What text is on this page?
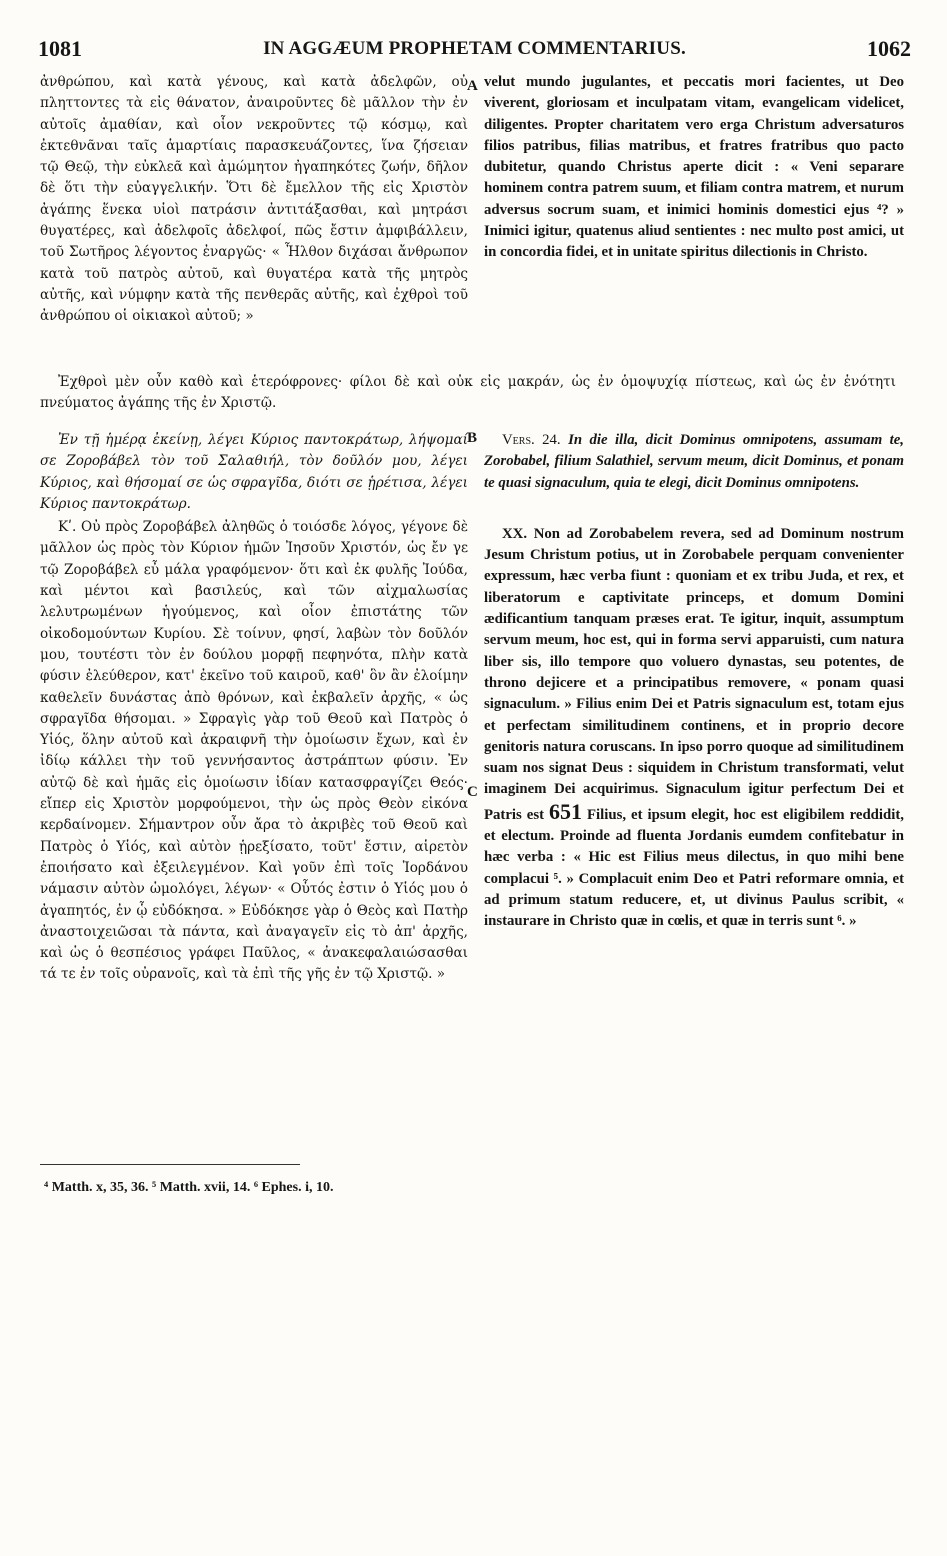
1081	IN AGGÆUM PROPHETAM COMMENTARIUS.	1062
A
B
C

ἀνθρώπου, καὶ κατὰ γένους, καὶ κατὰ ἀδελφῶν, οὐ πληττοντες τὰ εἰς θάνατον, ἀναιροῦντες δὲ μᾶλλον τὴν ἐν αὐτοῖς ἀμαθίαν, καὶ οἷον νεκροῦντες τῷ κόσμῳ, καὶ ἐκτεθνᾶναι ταῖς ἁμαρτίαις παρασκευάζοντες, ἵνα ζήσειαν τῷ Θεῷ, τὴν εὐκλεᾶ καὶ ἀμώμητον ἠγαπηκότες ζωήν, δῆλον δὲ ὅτι τὴν εὐαγγελικήν. Ὅτι δὲ ἔμελλον τῆς εἰς Χριστὸν ἀγάπης ἕνεκα υἱοὶ πατράσιν ἀντιτάξασθαι, καὶ μητράσι θυγατέρες, καὶ ἀδελφοῖς ἀδελφοί, πῶς ἔστιν ἀμφιβάλλειν, τοῦ Σωτῆρος λέγοντος ἐναργῶς· « Ἦλθον διχάσαι ἄνθρωπον κατὰ τοῦ πατρὸς αὐτοῦ, καὶ θυγατέρα κατὰ τῆς μητρὸς αὐτῆς, καὶ νύμφην κατὰ τῆς πενθερᾶς αὐτῆς, καὶ ἐχθροὶ τοῦ ἀνθρώπου οἱ οἰκιακοὶ αὐτοῦ; »

velut mundo jugulantes, et peccatis mori facientes, ut Deo viverent, gloriosam et inculpatam vitam, evangelicam videlicet, diligentes. Propter charitatem vero erga Christum adversaturos filios patribus, filias matribus, et fratres fratribus quo pacto dubitetur, quando Christus aperte dicit : « Veni separare hominem contra patrem suum, et filiam contra matrem, et nurum adversus socrum suam, et inimici hominis domestici ejus ⁴? » Inimici igitur, quatenus aliud sentientes : nec multo post amici, ut in concordia fidei, et in unitate spiritus dilectionis in Christo.

Ἐχθροὶ μὲν οὖν καθὸ καὶ ἑτερόφρονες· φίλοι δὲ καὶ οὐκ εἰς μακράν, ὡς ἐν ὁμοψυχίᾳ πίστεως, καὶ ὡς ἐν ἑνότητι πνεύματος ἀγάπης τῆς ἐν Χριστῷ.

Ἐν τῇ ἡμέρᾳ ἐκείνῃ, λέγει Κύριος παντοκράτωρ, λήψομαί σε Ζοροβάβελ τὸν τοῦ Σαλαθιήλ, τὸν δοῦλόν μου, λέγει Κύριος, καὶ θήσομαί σε ὡς σφραγῖδα, διότι σε ᾑρέτισα, λέγει Κύριος παντοκράτωρ.

Κʹ. Οὐ πρὸς Ζοροβάβελ ἀληθῶς ὁ τοιόσδε λόγος, γέγονε δὲ μᾶλλον ὡς πρὸς τὸν Κύριον ἡμῶν Ἰησοῦν Χριστόν, ὡς ἔν γε τῷ Ζοροβάβελ εὖ μάλα γραφόμενον· ὅτι καὶ ἐκ φυλῆς Ἰούδα, καὶ μέντοι καὶ βασιλεύς, καὶ τῶν αἰχμαλωσίας λελυτρωμένων ἡγούμενος, καὶ οἷον ἐπιστάτης τῶν οἰκοδομούντων Κυρίου. Σὲ τοίνυν, φησί, λαβὼν τὸν δοῦλόν μου, τουτέστι τὸν ἐν δούλου μορφῇ πεφηνότα, πλὴν κατὰ φύσιν ἐλεύθερον, κατ' ἐκεῖνο τοῦ καιροῦ, καθ' ὃν ἂν ἐλοίμην καθελεῖν δυνάστας ἀπὸ θρόνων, καὶ ἐκβαλεῖν ἀρχῆς, « ὡς σφραγῖδα θήσομαι. » Σφραγὶς γὰρ τοῦ Θεοῦ καὶ Πατρὸς ὁ Υἱός, ὅλην αὐτοῦ καὶ ἀκραιφνῆ τὴν ὁμοίωσιν ἔχων, καὶ ἐν ἰδίῳ κάλλει τὴν τοῦ γεννήσαντος ἀστράπτων φύσιν. Ἐν αὐτῷ δὲ καὶ ἡμᾶς εἰς ὁμοίωσιν ἰδίαν κατασφραγίζει Θεός· εἴπερ εἰς Χριστὸν μορφούμενοι, τὴν ὡς πρὸς Θεὸν εἰκόνα κερδαίνομεν. Σήμαντρον οὖν ἄρα τὸ ἀκριβὲς τοῦ Θεοῦ καὶ Πατρὸς ὁ Υἱός, καὶ αὐτὸν ᾑρεξίσατο, τοῦτ' ἔστιν, αἱρετὸν ἐποιήσατο καὶ ἐξειλεγμένον. Καὶ γοῦν ἐπὶ τοῖς Ἰορδάνου νάμασιν αὐτὸν ὡμολόγει, λέγων· « Οὗτός ἐστιν ὁ Υἱός μου ὁ ἀγαπητός, ἐν ᾧ εὐδόκησα. » Εὐδόκησε γὰρ ὁ Θεὸς καὶ Πατὴρ ἀναστοιχειῶσαι τὰ πάντα, καὶ ἀναγαγεῖν εἰς τὸ ἀπ' ἀρχῆς, καὶ ὡς ὁ θεσπέσιος γράφει Παῦλος, « ἀνακεφαλαιώσασθαι τά τε ἐν τοῖς οὐρανοῖς, καὶ τὰ ἐπὶ τῆς γῆς ἐν τῷ Χριστῷ. »

Vers. 24. In die illa, dicit Dominus omnipotens, assumam te, Zorobabel, filium Salathiel, servum meum, dicit Dominus, et ponam te quasi signaculum, quia te elegi, dicit Dominus omnipotens.

XX. Non ad Zorobabelem revera, sed ad Dominum nostrum Jesum Christum potius, ut in Zorobabele perquam convenienter expressum, hæc verba fiunt : quoniam et ex tribu Juda, et rex, et liberatorum e captivitate princeps, et domum Domini ædificantium tanquam præses erat. Te igitur, inquit, assumptum servum meum, hoc est, qui in forma servi apparuisti, cum natura liber sis, illo tempore quo voluero dynastas, seu potentes, de throno dejicere et a principatibus removere, « ponam quasi signaculum. » Filius enim Dei et Patris signaculum est, totam ejus et perfectam similitudinem continens, et in proprio decore genitoris natura coruscans. In ipso porro quoque ad similitudinem suam nos signat Deus : siquidem in Christum transformati, velut imaginem Dei acquirimus. Signaculum igitur perfectum Dei et Patris est 651 Filius, et ipsum elegit, hoc est eligibilem reddidit, et electum. Proinde ad fluenta Jordanis eumdem confitebatur in hæc verba : « Hic est Filius meus dilectus, in quo mihi bene complacui ⁵. » Complacuit enim Deo et Patri reformare omnia, et ad primum statum reducere, et, ut divinus Paulus scribit, « instaurare in Christo quæ in cœlis, et quæ in terris sunt ⁶. »

⁴ Matth. x, 35, 36. ⁵ Matth. xvii, 14. ⁶ Ephes. i, 10.
